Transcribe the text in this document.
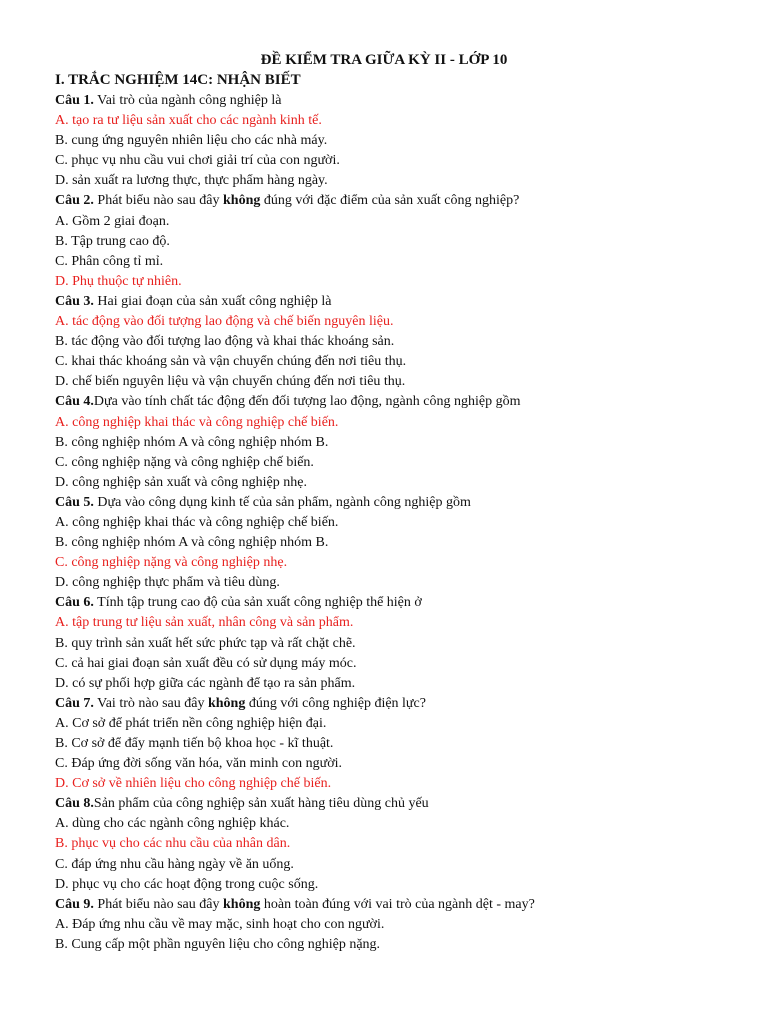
ĐỀ KIỂM TRA GIỮA KỲ II - LỚP 10
I. TRẮC NGHIỆM 14C: NHẬN BIẾT
Câu 1. Vai trò của ngành công nghiệp là
A. tạo ra tư liệu sản xuất cho các ngành kinh tế.
B. cung ứng nguyên nhiên liệu cho các nhà máy.
C. phục vụ nhu cầu vui chơi giải trí của con người.
D. sản xuất ra lương thực, thực phẩm hàng ngày.
Câu 2. Phát biểu nào sau đây không đúng với đặc điểm của sản xuất công nghiệp?
A. Gồm 2 giai đoạn.
B. Tập trung cao độ.
C. Phân công tỉ mỉ.
D. Phụ thuộc tự nhiên.
Câu 3. Hai giai đoạn của sản xuất công nghiệp là
A. tác động vào đối tượng lao động và chế biến nguyên liệu.
B. tác động vào đối tượng lao động và khai thác khoáng sản.
C. khai thác khoáng sản và vận chuyển chúng đến nơi tiêu thụ.
D. chế biến nguyên liệu và vận chuyển chúng đến nơi tiêu thụ.
Câu 4.Dựa vào tính chất tác động đến đối tượng lao động, ngành công nghiệp gồm
A. công nghiệp khai thác và công nghiệp chế biến.
B. công nghiệp nhóm A và công nghiệp nhóm B.
C. công nghiệp nặng và công nghiệp chế biến.
D. công nghiệp sản xuất và công nghiệp nhẹ.
Câu 5. Dựa vào công dụng kinh tế của sản phẩm, ngành công nghiệp gồm
A. công nghiệp khai thác và công nghiệp chế biến.
B. công nghiệp nhóm A và công nghiệp nhóm B.
C. công nghiệp nặng và công nghiệp nhẹ.
D. công nghiệp thực phẩm và tiêu dùng.
Câu 6. Tính tập trung cao độ của sản xuất công nghiệp thể hiện ở
A. tập trung tư liệu sản xuất, nhân công và sản phẩm.
B. quy trình sản xuất hết sức phức tạp và rất chặt chẽ.
C. cả hai giai đoạn sản xuất đều có sử dụng máy móc.
D. có sự phối hợp giữa các ngành để tạo ra sản phẩm.
Câu 7. Vai trò nào sau đây không đúng với công nghiệp điện lực?
A. Cơ sở để phát triển nền công nghiệp hiện đại.
B. Cơ sở để đẩy mạnh tiến bộ khoa học - kĩ thuật.
C. Đáp ứng đời sống văn hóa, văn minh con người.
D. Cơ sở về nhiên liệu cho công nghiệp chế biến.
Câu 8.Sản phẩm của công nghiệp sản xuất hàng tiêu dùng chủ yếu
A. dùng cho các ngành công nghiệp khác.
B. phục vụ cho các nhu cầu của nhân dân.
C. đáp ứng nhu cầu hàng ngày về ăn uống.
D. phục vụ cho các hoạt động trong cuộc sống.
Câu 9. Phát biểu nào sau đây không hoàn toàn đúng với vai trò của ngành dệt - may?
A. Đáp ứng nhu cầu về may mặc, sinh hoạt cho con người.
B. Cung cấp một phần nguyên liệu cho công nghiệp nặng.
